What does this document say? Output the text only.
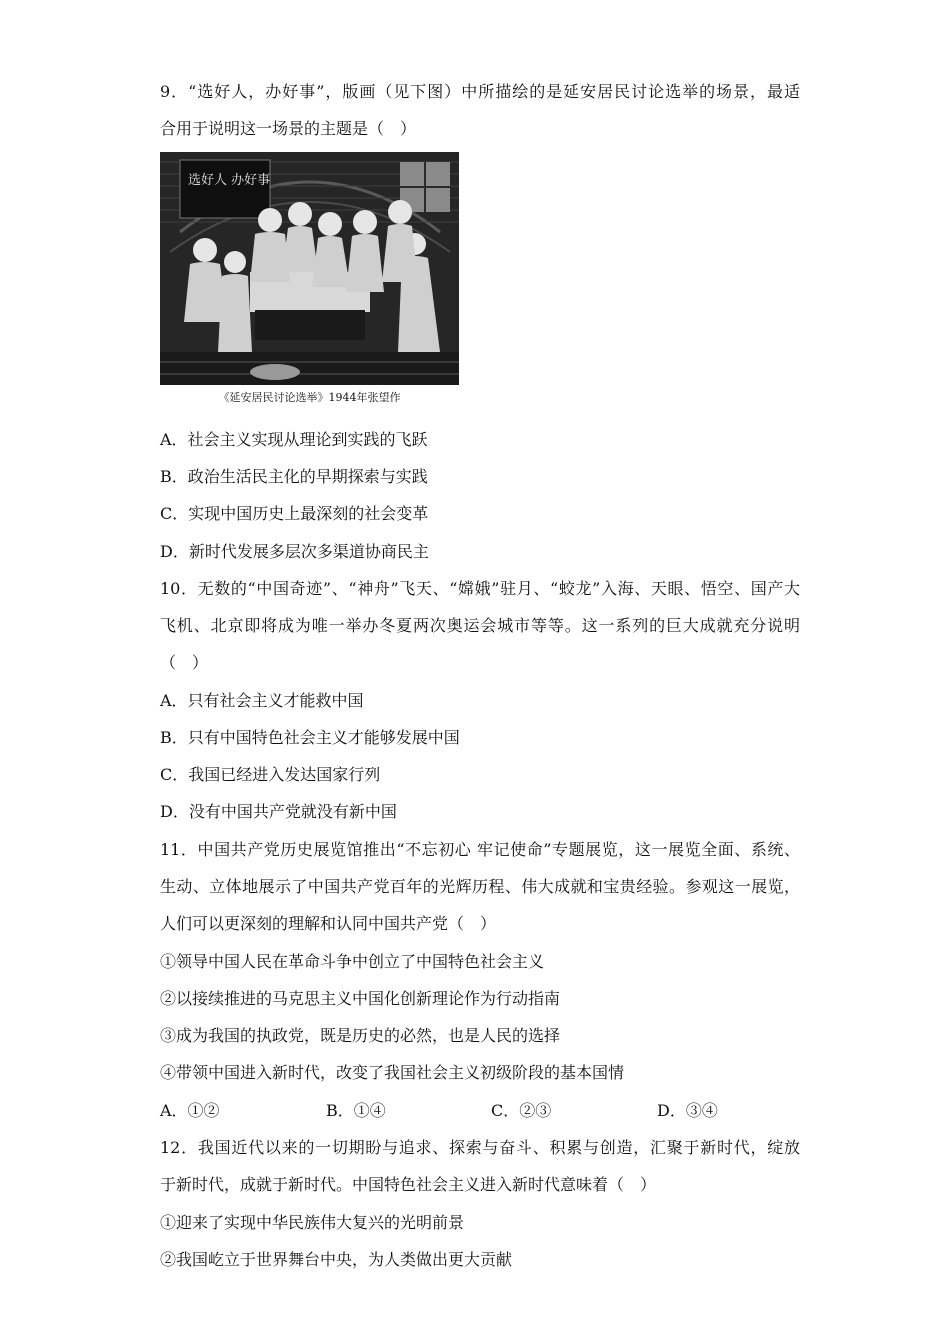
9．“选好人，办好事”，版画（见下图）中所描绘的是延安居民讨论选举的场景，最适
合用于说明这一场景的主题是（　）
选好人 办好事
《延安居民讨论选举》1944年张望作
A．社会主义实现从理论到实践的飞跃
B．政治生活民主化的早期探索与实践
C．实现中国历史上最深刻的社会变革
D．新时代发展多层次多渠道协商民主
10．无数的“中国奇迹”、“神舟”飞天、“嫦娥”驻月、“蛟龙”入海、天眼、悟空、国产大
飞机、北京即将成为唯一举办冬夏两次奥运会城市等等。这一系列的巨大成就充分说明
（　）
A．只有社会主义才能救中国
B．只有中国特色社会主义才能够发展中国
C．我国已经进入发达国家行列
D．没有中国共产党就没有新中国
11．中国共产党历史展览馆推出“不忘初心 牢记使命”专题展览，这一展览全面、系统、
生动、立体地展示了中国共产党百年的光辉历程、伟大成就和宝贵经验。参观这一展览，
人们可以更深刻的理解和认同中国共产党（　）
①领导中国人民在革命斗争中创立了中国特色社会主义
②以接续推进的马克思主义中国化创新理论作为行动指南
③成为我国的执政党，既是历史的必然，也是人民的选择
④带领中国进入新时代，改变了我国社会主义初级阶段的基本国情
A．①②	B．①④	C．②③	D．③④
12．我国近代以来的一切期盼与追求、探索与奋斗、积累与创造，汇聚于新时代，绽放
于新时代，成就于新时代。中国特色社会主义进入新时代意味着（　）
①迎来了实现中华民族伟大复兴的光明前景
②我国屹立于世界舞台中央，为人类做出更大贡献
